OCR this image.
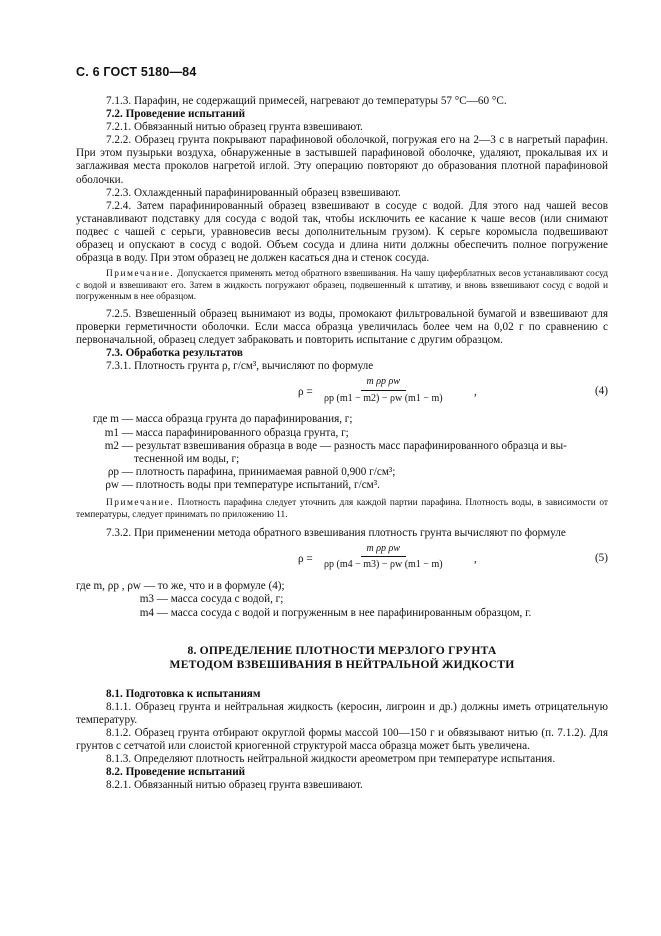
С. 6 ГОСТ 5180—84

7.1.3. Парафин, не содержащий примесей, нагревают до температуры 57 °С—60 °С.

7.2. Проведение испытаний

7.2.1. Обвязанный нитью образец грунта взвешивают.

7.2.2. Образец грунта покрывают парафиновой оболочкой, погружая его на 2—3 с в нагретый парафин. При этом пузырьки воздуха, обнаруженные в застывшей парафиновой оболочке, удаляют, прокалывая их и заглаживая места проколов нагретой иглой. Эту операцию повторяют до образования плотной парафиновой оболочки.

7.2.3. Охлажденный парафинированный образец взвешивают.

7.2.4. Затем парафинированный образец взвешивают в сосуде с водой. Для этого над чашей весов устанавливают подставку для сосуда с водой так, чтобы исключить ее касание к чаше весов (или снимают подвес с чашей с серьги, уравновесив весы дополнительным грузом). К серьге коромысла подвешивают образец и опускают в сосуд с водой. Объем сосуда и длина нити должны обеспечить полное погружение образца в воду. При этом образец не должен касаться дна и стенок сосуда.

Примечание. Допускается применять метод обратного взвешивания. На чашу циферблатных весов устанавливают сосуд с водой и взвешивают его. Затем в жидкость погружают образец, подвешенный к штативу, и вновь взвешивают сосуд с водой и погруженным в нее образцом.

7.2.5. Взвешенный образец вынимают из воды, промокают фильтровальной бумагой и взвешивают для проверки герметичности оболочки. Если масса образца увеличилась более чем на 0,02 г по сравнению с первоначальной, образец следует забраковать и повторить испытание с другим образцом.

7.3. Обработка результатов

7.3.1. Плотность грунта ρ, г/см³, вычисляют по формуле

$\rho = \frac{\text{m ρp ρw}}{\rho p (m1 - m2) - \rho w (m1 - m)}$	,	(4)
где m — масса образца грунта до парафинирования, г;
m1 — масса парафинированного образца грунта, г;
m2 — результат взвешивания образца в воде — разность масс парафинированного образца и вы-
тесненной им воды, г;
ρp — плотность парафина, принимаемая равной 0,900 г/см³;
ρw — плотность воды при температуре испытаний, г/см³.

Примечание. Плотность парафина следует уточнить для каждой партии парафина. Плотность воды, в зависимости от температуры, следует принимать по приложению 11.

7.3.2. При применении метода обратного взвешивания плотность грунта вычисляют по формуле

$\rho = \frac{\text{m ρp ρw}}{\rho p (m4 - m3) - \rho w (m1 - m)}$	,	(5)
где m, ρp , ρw — то же, что и в формуле (4);
m3 — масса сосуда с водой, г;
m4 — масса сосуда с водой и погруженным в нее парафинированным образцом, г.
8. ОПРЕДЕЛЕНИЕ ПЛОТНОСТИ МЕРЗЛОГО ГРУНТА
МЕТОДОМ ВЗВЕШИВАНИЯ В НЕЙТРАЛЬНОЙ ЖИДКОСТИ

8.1. Подготовка к испытаниям

8.1.1. Образец грунта и нейтральная жидкость (керосин, лигроин и др.) должны иметь отрицательную температуру.

8.1.2. Образец грунта отбирают округлой формы массой 100—150 г и обвязывают нитью (п. 7.1.2). Для грунтов с сетчатой или слоистой криогенной структурой масса образца может быть увеличена.

8.1.3. Определяют плотность нейтральной жидкости ареометром при температуре испытания.

8.2. Проведение испытаний

8.2.1. Обвязанный нитью образец грунта взвешивают.
